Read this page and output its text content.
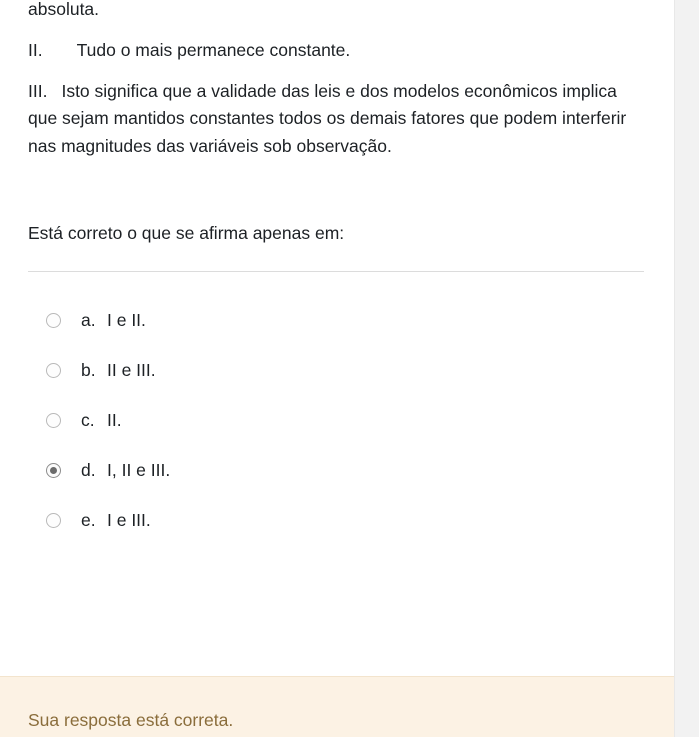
absoluta.

II. Tudo o mais permanece constante.

III. Isto significa que a validade das leis e dos modelos econômicos implica que sejam mantidos constantes todos os demais fatores que podem interferir nas magnitudes das variáveis sob observação.

Está correto o que se afirma apenas em:

a. I e II.
b. II e III.
c. II.
d. I, II e III.
e. I e III.
Sua resposta está correta.
